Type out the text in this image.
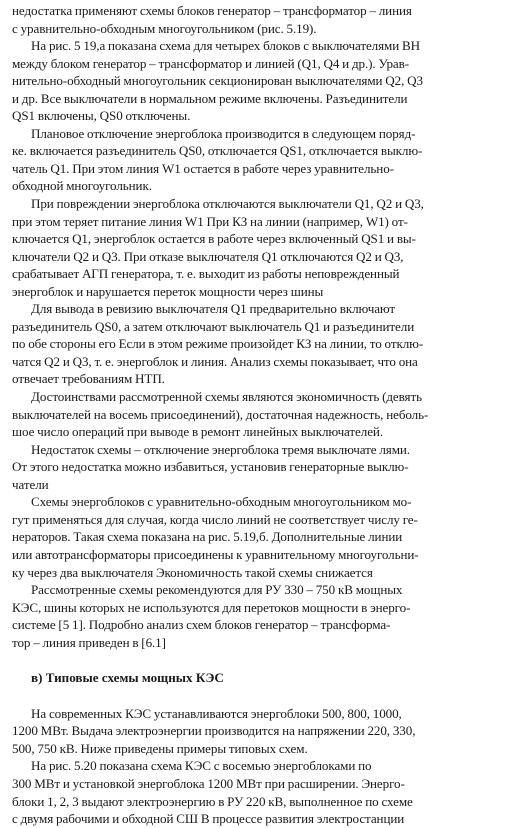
недостатка применяют схемы блоков генератор – трансформатор – линия
с уравнительно-обходным многоугольником (рис. 5.19).
На рис. 5 19,а показана схема для четырех блоков с выключателями ВН
между блоком генератор – трансформатор и линией (Q1, Q4 и др.). Урав-
нительно-обходный многоугольник секционирован выключателями Q2, Q3
и др. Все выключатели в нормальном режиме включены. Разъединители
QS1 включены, QS0 отключены.
Плановое отключение энергоблока производится в следующем поряд-
ке. включается разъединитель QS0, отключается QS1, отключается выклю-
чатель Q1. При этом линия W1 остается в работе через уравнительно-
обходной многоугольник.
При повреждении энергоблока отключаются выключатели Q1, Q2 и Q3,
при этом теряет питание линия W1 При КЗ на линии (например, W1) от-
ключается Q1, энергоблок остается в работе через включенный QS1 и вы-
ключатели Q2 и Q3. При отказе выключателя Q1 отключаются Q2 и Q3,
срабатывает АГП генератора, т. е. выходит из работы неповрежденный
энергоблок и нарушается переток мощности через шины
Для вывода в ревизию выключателя Q1 предварительно включают
разъединитель QS0, а затем отключают выключатель Q1 и разъединители
по обе стороны его Если в этом режиме произойдет КЗ на линии, то отклю-
чатся Q2 и Q3, т. е. энергоблок и линия. Анализ схемы показывает, что она
отвечает требованиям НТП.
Достоинствами рассмотренной схемы являются экономичность (девять
выключателей на восемь присоединений), достаточная надежность, неболь-
шое число операций при выводе в ремонт линейных выключателей.
Недостаток схемы – отключение энергоблока тремя выключате лями.
От этого недостатка можно избавиться, установив генераторные выклю-
чатели
Схемы энергоблоков с уравнительно-обходным многоугольником мо-
гут применяться для случая, когда число линий не соответствует числу ге-
нераторов. Такая схема показана на рис. 5.19,б. Дополнительные линии
или автотрансформаторы присоединены к уравнительному многоугольни-
ку через два выключателя Экономичность такой схемы снижается
Рассмотренные схемы рекомендуются для РУ 330 – 750 кВ мощных
КЭС, шины которых не используются для перетоков мощности в энерго-
системе [5 1]. Подробно анализ схем блоков генератор – трансформа-
тор – линия приведен в [6.1]
в) Типовые схемы мощных КЭС
На современных КЭС устанавливаются энергоблоки 500, 800, 1000,
1200 МВт. Выдача электроэнергии производится на напряжении 220, 330,
500, 750 кВ. Ниже приведены примеры типовых схем.
На рис. 5.20 показана схема КЭС с восемью энергоблоками по
300 МВт и установкой энергоблока 1200 МВт при расширении. Энерго-
блоки 1, 2, 3 выдают электроэнергию в РУ 220 кВ, выполненное по схеме
с двумя рабочими и обходной СШ В процессе развития электростанции
